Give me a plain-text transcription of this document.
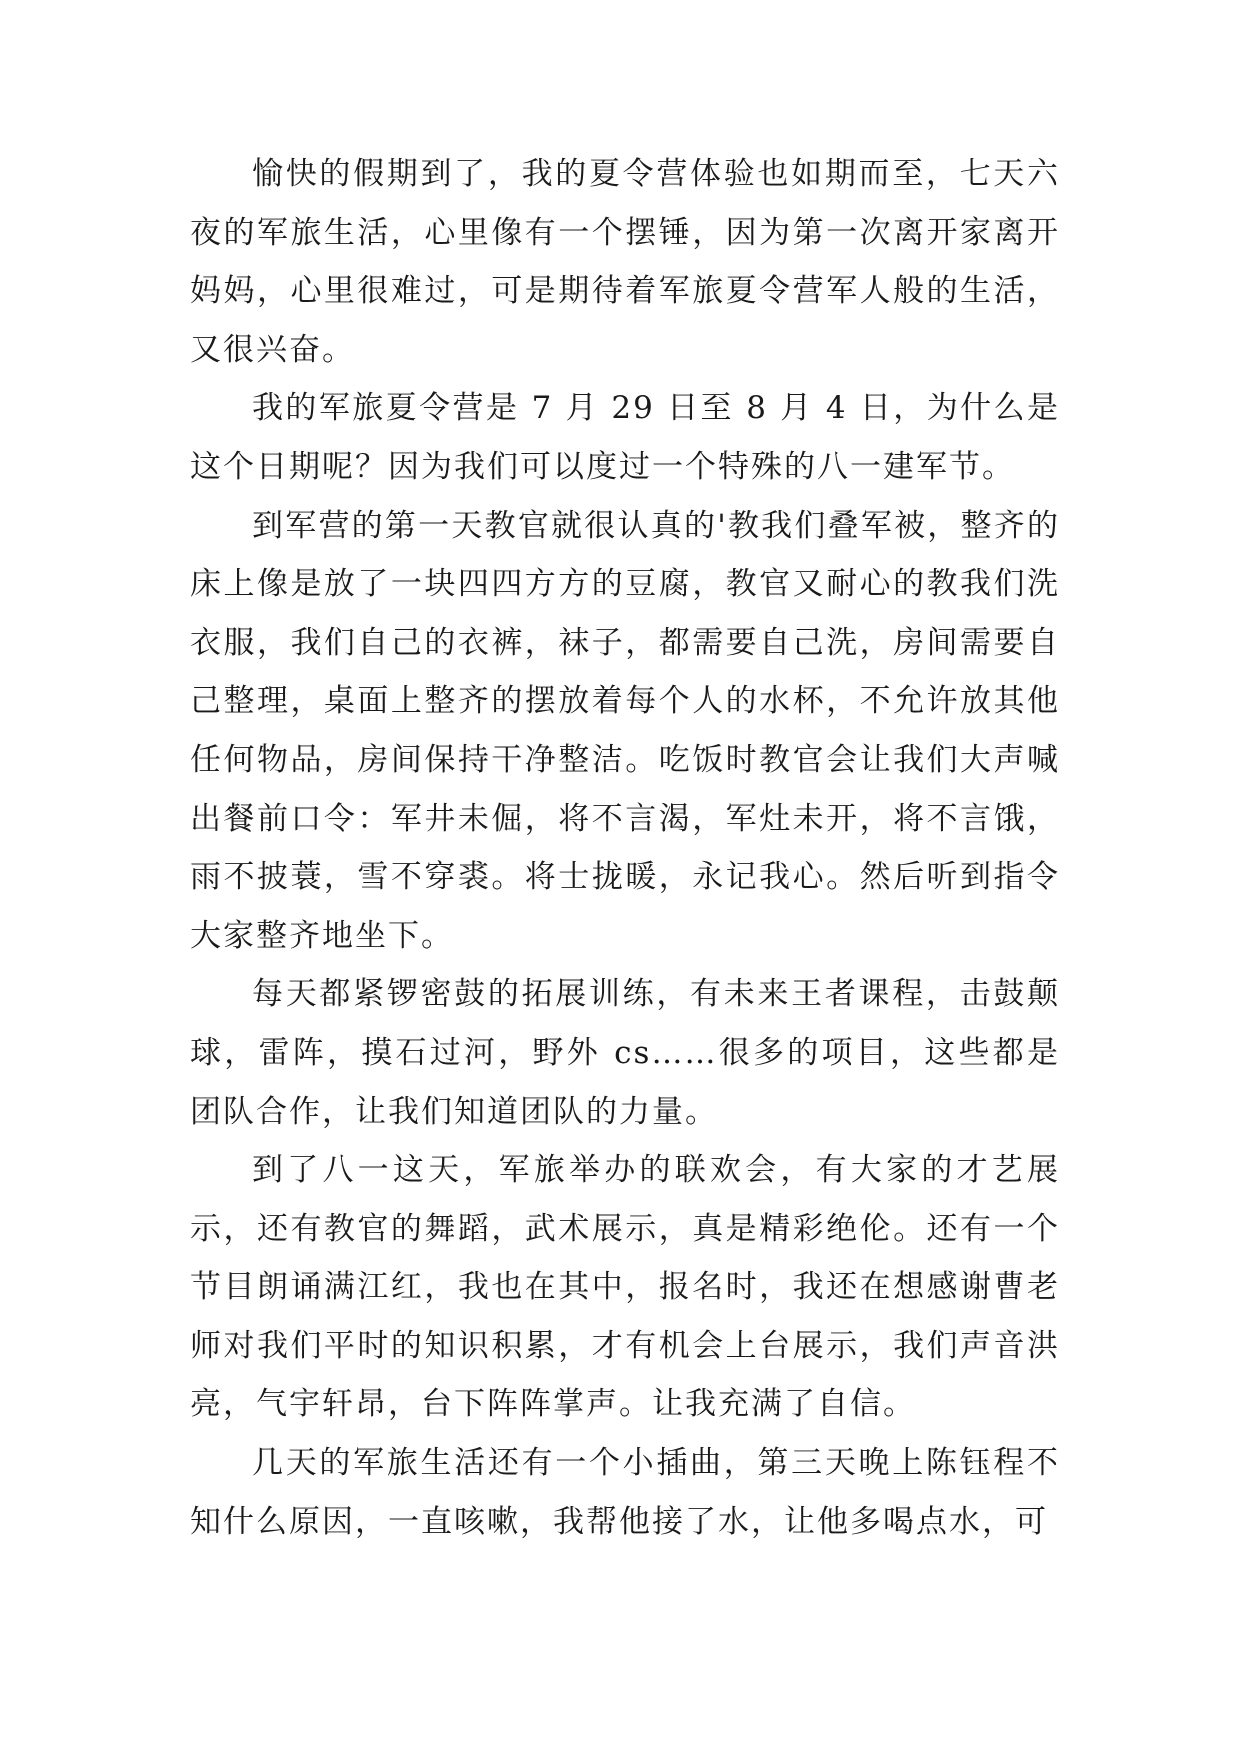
愉快的假期到了，我的夏令营体验也如期而至，七天六夜的军旅生活，心里像有一个摆锤，因为第一次离开家离开妈妈，心里很难过，可是期待着军旅夏令营军人般的生活，又很兴奋。

我的军旅夏令营是 7 月 29 日至 8 月 4 日，为什么是这个日期呢？因为我们可以度过一个特殊的八一建军节。

到军营的第一天教官就很认真的'教我们叠军被，整齐的床上像是放了一块四四方方的豆腐，教官又耐心的教我们洗衣服，我们自己的衣裤，袜子，都需要自己洗，房间需要自己整理，桌面上整齐的摆放着每个人的水杯，不允许放其他任何物品，房间保持干净整洁。吃饭时教官会让我们大声喊出餐前口令：军井未倔，将不言渴，军灶未开，将不言饿，雨不披蓑，雪不穿裘。将士拢暖，永记我心。然后听到指令大家整齐地坐下。

每天都紧锣密鼓的拓展训练，有未来王者课程，击鼓颠球，雷阵，摸石过河，野外 cs……很多的项目，这些都是团队合作，让我们知道团队的力量。

到了八一这天，军旅举办的联欢会，有大家的才艺展示，还有教官的舞蹈，武术展示，真是精彩绝伦。还有一个节目朗诵满江红，我也在其中，报名时，我还在想感谢曹老师对我们平时的知识积累，才有机会上台展示，我们声音洪亮，气宇轩昂，台下阵阵掌声。让我充满了自信。

几天的军旅生活还有一个小插曲，第三天晚上陈钰程不知什么原因，一直咳嗽，我帮他接了水，让他多喝点水，可
